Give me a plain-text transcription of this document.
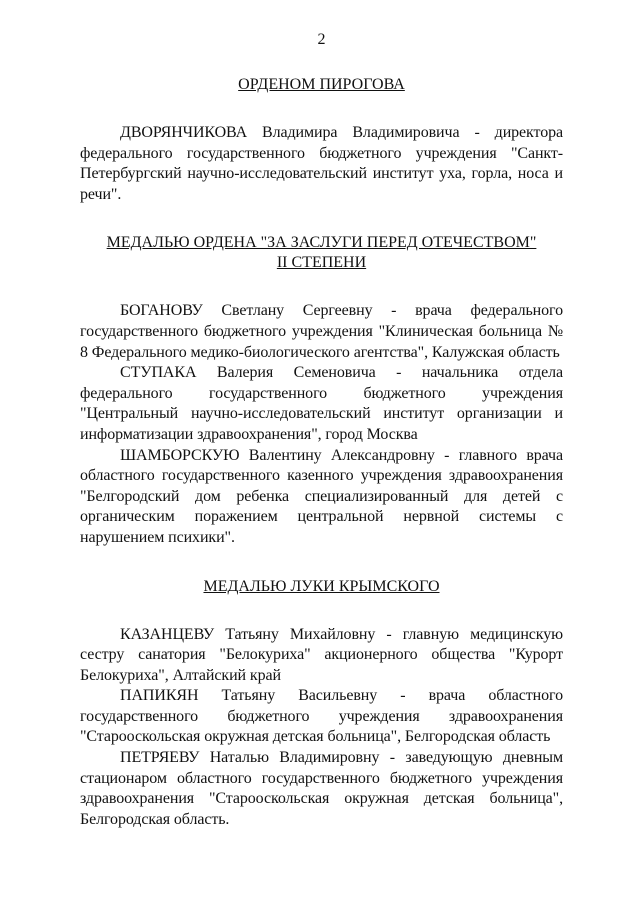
2

ОРДЕНОМ ПИРОГОВА

ДВОРЯНЧИКОВА Владимира Владимировича - директора федерального государственного бюджетного учреждения "Санкт-Петербургский научно-исследовательский институт уха, горла, носа и речи".

МЕДАЛЬЮ ОРДЕНА "ЗА ЗАСЛУГИ ПЕРЕД ОТЕЧЕСТВОМ"

II СТЕПЕНИ

БОГАНОВУ Светлану Сергеевну - врача федерального государственного бюджетного учреждения "Клиническая больница № 8 Федерального медико-биологического агентства", Калужская область

СТУПАКА Валерия Семеновича - начальника отдела федерального государственного бюджетного учреждения "Центральный научно-исследовательский институт организации и информатизации здравоохранения", город Москва

ШАМБОРСКУЮ Валентину Александровну - главного врача областного государственного казенного учреждения здравоохранения "Белгородский дом ребенка специализированный для детей с органическим поражением центральной нервной системы с нарушением психики".

МЕДАЛЬЮ ЛУКИ КРЫМСКОГО

КАЗАНЦЕВУ Татьяну Михайловну - главную медицинскую сестру санатория "Белокуриха" акционерного общества "Курорт Белокуриха", Алтайский край

ПАПИКЯН Татьяну Васильевну - врача областного государственного бюджетного учреждения здравоохранения "Старооскольская окружная детская больница", Белгородская область

ПЕТРЯЕВУ Наталью Владимировну - заведующую дневным стационаром областного государственного бюджетного учреждения здравоохранения "Старооскольская окружная детская больница", Белгородская область.
